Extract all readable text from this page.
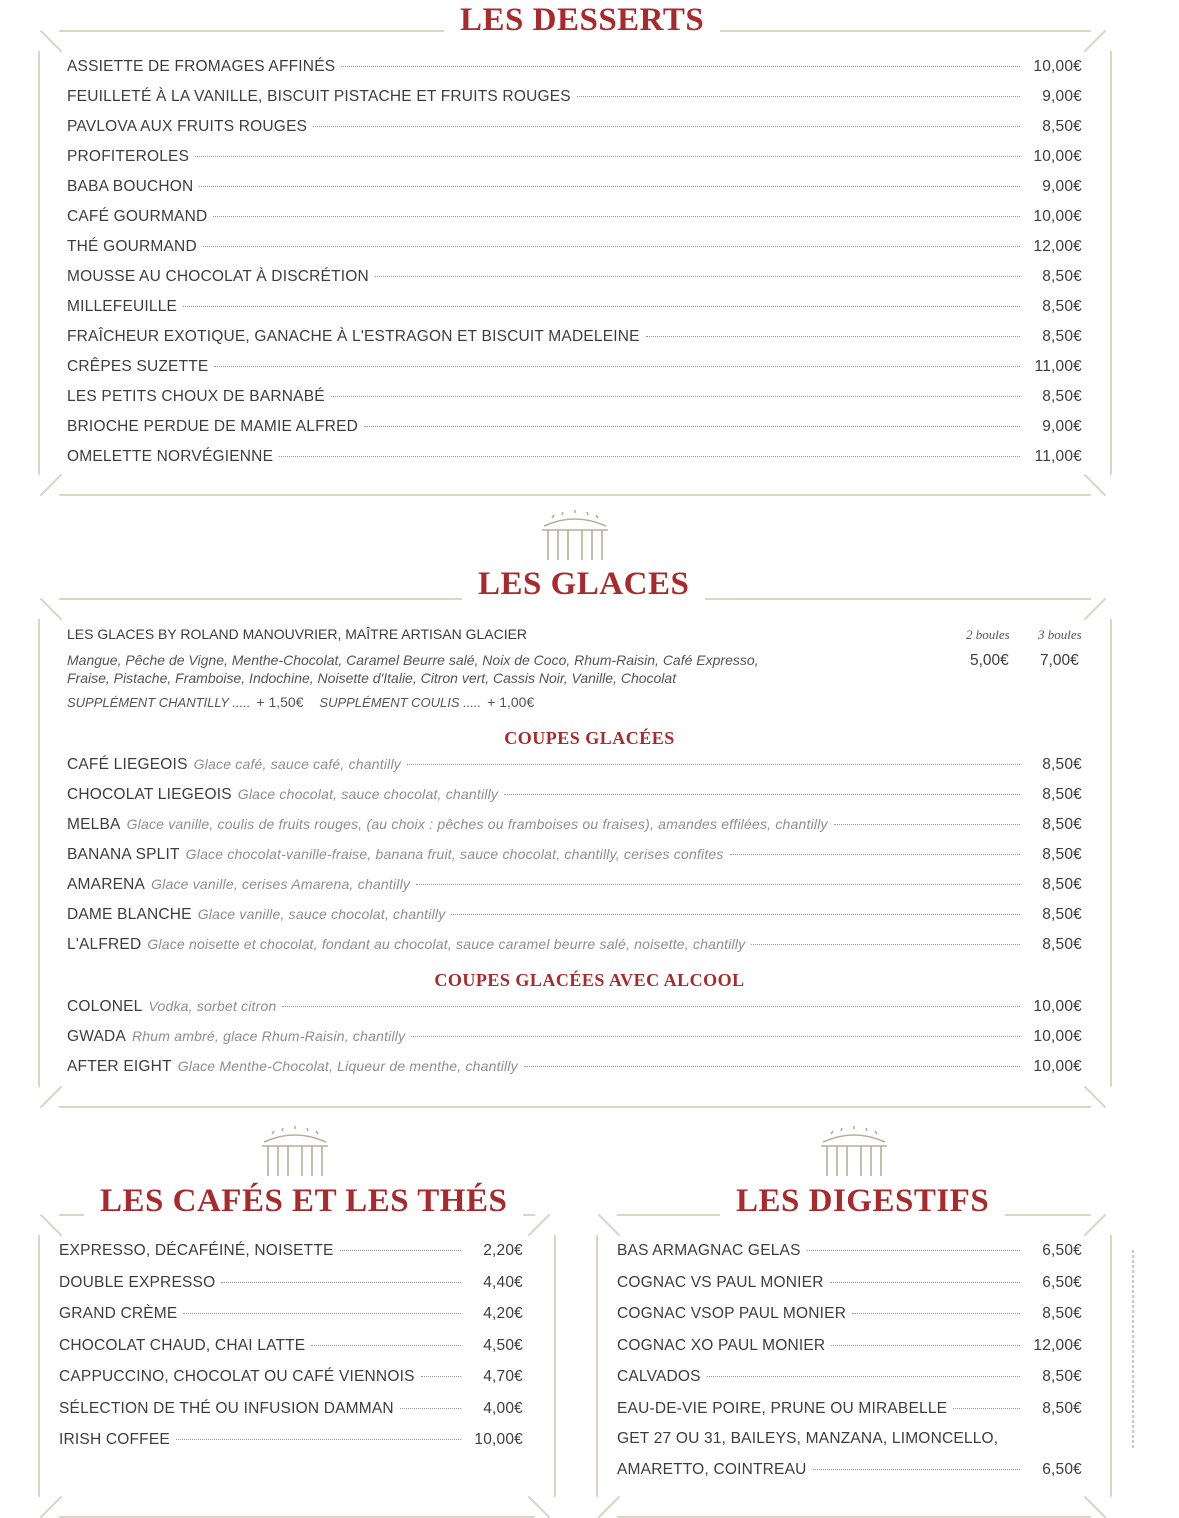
LES DESSERTS
ASSIETTE DE FROMAGES AFFINÉS	10,00€
FEUILLETÉ À LA VANILLE, BISCUIT PISTACHE ET FRUITS ROUGES	9,00€
PAVLOVA AUX FRUITS ROUGES	8,50€
PROFITEROLES	10,00€
BABA BOUCHON	9,00€
CAFÉ GOURMAND	10,00€
THÉ GOURMAND	12,00€
MOUSSE AU CHOCOLAT À DISCRÉTION	8,50€
MILLEFEUILLE	8,50€
FRAÎCHEUR EXOTIQUE, GANACHE À L'ESTRAGON ET BISCUIT MADELEINE	8,50€
CRÊPES SUZETTE	11,00€
LES PETITS CHOUX DE BARNABÉ	8,50€
BRIOCHE PERDUE DE MAMIE ALFRED	9,00€
OMELETTE NORVÉGIENNE	11,00€
LES GLACES
LES GLACES BY ROLAND MANOUVRIER, MAÎTRE ARTISAN GLACIER	2 boules 3 boules
Mangue, Pêche de Vigne, Menthe-Chocolat, Caramel Beurre salé, Noix de Coco, Rhum-Raisin, Café Expresso,
Fraise, Pistache, Framboise, Indochine, Noisette d'Italie, Citron vert, Cassis Noir, Vanille, Chocolat
5,00€ 7,00€
SUPPLÉMENT CHANTILLY ..... + 1,50€ SUPPLÉMENT COULIS ..... + 1,00€
COUPES GLACÉES
CAFÉ LIEGEOIS Glace café, sauce café, chantilly	8,50€
CHOCOLAT LIEGEOIS Glace chocolat, sauce chocolat, chantilly	8,50€
MELBA Glace vanille, coulis de fruits rouges, (au choix : pêches ou framboises ou fraises), amandes effilées, chantilly	8,50€
BANANA SPLIT Glace chocolat-vanille-fraise, banana fruit, sauce chocolat, chantilly, cerises confites	8,50€
AMARENA Glace vanille, cerises Amarena, chantilly	8,50€
DAME BLANCHE Glace vanille, sauce chocolat, chantilly	8,50€
L'ALFRED Glace noisette et chocolat, fondant au chocolat, sauce caramel beurre salé, noisette, chantilly	8,50€
COUPES GLACÉES AVEC ALCOOL
COLONEL Vodka, sorbet citron	10,00€
GWADA Rhum ambré, glace Rhum-Raisin, chantilly	10,00€
AFTER EIGHT Glace Menthe-Chocolat, Liqueur de menthe, chantilly	10,00€
LES CAFÉS ET LES THÉS
EXPRESSO, DÉCAFÉINÉ, NOISETTE	2,20€
DOUBLE EXPRESSO	4,40€
GRAND CRÈME	4,20€
CHOCOLAT CHAUD, CHAI LATTE	4,50€
CAPPUCCINO, CHOCOLAT OU CAFÉ VIENNOIS	4,70€
SÉLECTION DE THÉ OU INFUSION DAMMAN	4,00€
IRISH COFFEE	10,00€
LES DIGESTIFS
BAS ARMAGNAC GELAS	6,50€
COGNAC VS PAUL MONIER	6,50€
COGNAC VSOP PAUL MONIER	8,50€
COGNAC XO PAUL MONIER	12,00€
CALVADOS	8,50€
EAU-DE-VIE POIRE, PRUNE OU MIRABELLE	8,50€
GET 27 OU 31, BAILEYS, MANZANA, LIMONCELLO,
AMARETTO, COINTREAU	6,50€
